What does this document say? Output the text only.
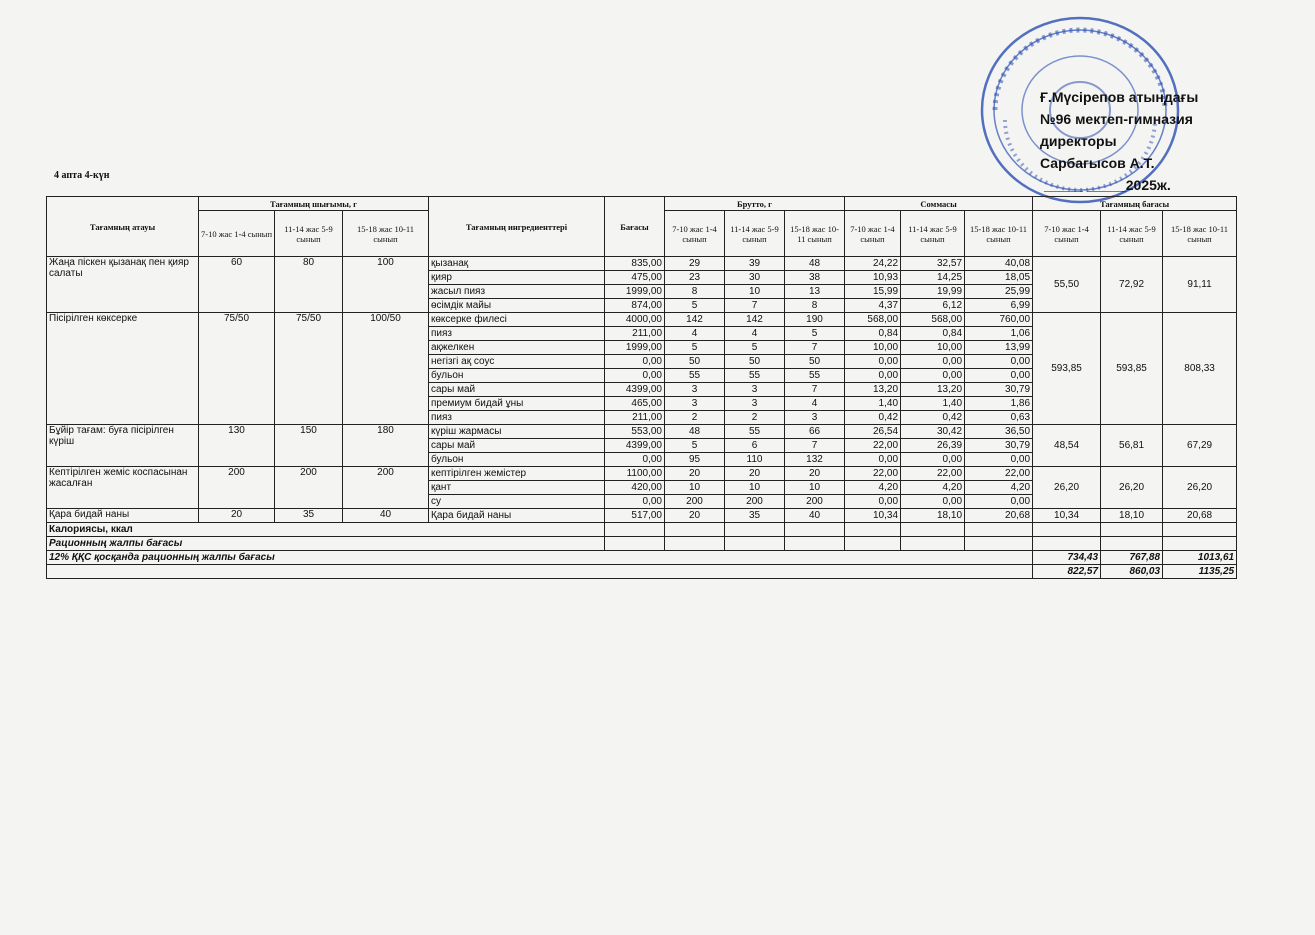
Ғ.Мүсірепов атындағы
№96 мектеп-гимназия
директоры
Сарбагысов А.Т.
_____ _____2025ж.
4 апта 4-күн
Тағамның атауы	Тағамның шығымы, г			Тағамның ингредиенттері	Бағасы	Брутто, г			Соммасы			Тағамның бағасы		
	7-10 жас 1-4 сынып	11-14 жас 5-9 сынып	15-18 жас 10-11 сынып			7-10 жас 1-4 сынып	11-14 жас 5-9 сынып	15-18 жас 10-11 сынып	7-10 жас 1-4 сынып	11-14 жас 5-9 сынып	15-18 жас 10-11 сынып	7-10 жас 1-4 сынып	11-14 жас 5-9 сынып	15-18 жас 10-11 сынып
Жаңа піскен қызанақ пен қияр салаты	60	80	100	қызанақ	835,00	29	39	48	24,22	32,57	40,08	55,50	72,92	91,11
				қияр	475,00	23	30	38	10,93	14,25	18,05			
				жасыл пияз	1999,00	8	10	13	15,99	19,99	25,99			
				өсімдік майы	874,00	5	7	8	4,37	6,12	6,99			
Пісірілген көксерке	75/50	75/50	100/50	көксерке филесі	4000,00	142	142	190	568,00	568,00	760,00	593,85	593,85	808,33
				пияз	211,00	4	4	5	0,84	0,84	1,06			
				ақжелкен	1999,00	5	5	7	10,00	10,00	13,99			
				негізгі ақ соус	0,00	50	50	50	0,00	0,00	0,00			
				бульон	0,00	55	55	55	0,00	0,00	0,00			
				сары май	4399,00	3	3	7	13,20	13,20	30,79			
				премиум бидай ұны	465,00	3	3	4	1,40	1,40	1,86			
				пияз	211,00	2	2	3	0,42	0,42	0,63			
Бұйір тағам: буға пісірілген күріш	130	150	180	күріш жармасы	553,00	48	55	66	26,54	30,42	36,50	48,54	56,81	67,29
				сары май	4399,00	5	6	7	22,00	26,39	30,79			
				бульон	0,00	95	110	132	0,00	0,00	0,00			
Кептірілген жеміс коспасынан жасалған	200	200	200	кептірілген жемістер	1100,00	20	20	20	22,00	22,00	22,00	26,20	26,20	26,20
				қант	420,00	10	10	10	4,20	4,20	4,20			
				су	0,00	200	200	200	0,00	0,00	0,00			
Қара бидай наны	20	35	40	Қара бидай наны	517,00	20	35	40	10,34	18,10	20,68	10,34	18,10	20,68
Калориясы, ккал														
Рационның жалпы бағасы														
12% ҚҚС қосқанда рационның жалпы бағасы												734,43	767,88	1013,61
												822,57	860,03	1135,25
